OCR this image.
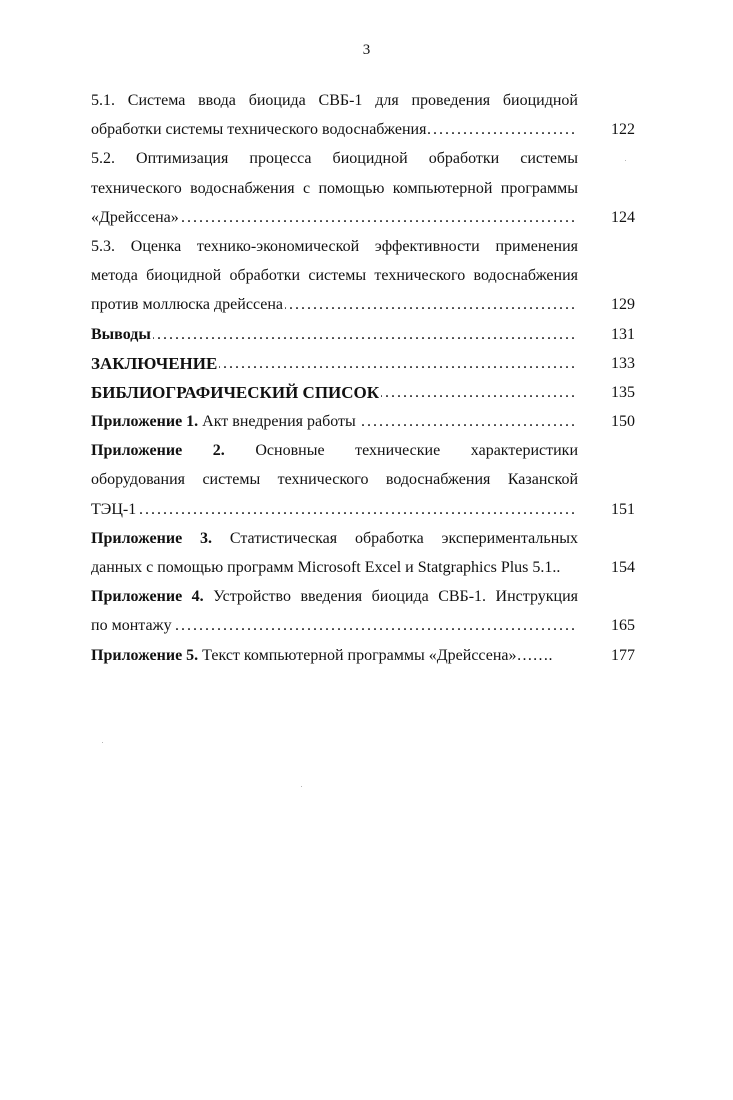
3
5.1. Система ввода биоцида СВБ-1 для проведения биоцидной
обработки системы технического водоснабжения . . .	122
5.2. Оптимизация процесса биоцидной обработки системы
технического водоснабжения с помощью компьютерной программы
«Дрейссена» . . .	124
5.3. Оценка технико-экономической эффективности применения
метода биоцидной обработки системы технического водоснабжения
против моллюска дрейссена . . .	129
Выводы . . .	131
ЗАКЛЮЧЕНИЕ . . .	133
БИБЛИОГРАФИЧЕСКИЙ СПИСОК . . .	135
Приложение 1. Акт внедрения работы . . .	150
Приложение 2. Основные технические характеристики
оборудования системы технического водоснабжения Казанской
ТЭЦ-1 . . .	151
Приложение 3. Статистическая обработка экспериментальных
данных с помощью программ Microsoft Excel и Statgraphics Plus 5.1..	154
Приложение 4. Устройство введения биоцида СВБ-1. Инструкция
по монтажу . . .	165
Приложение 5. Текст компьютерной программы «Дрейссена»…….	177
